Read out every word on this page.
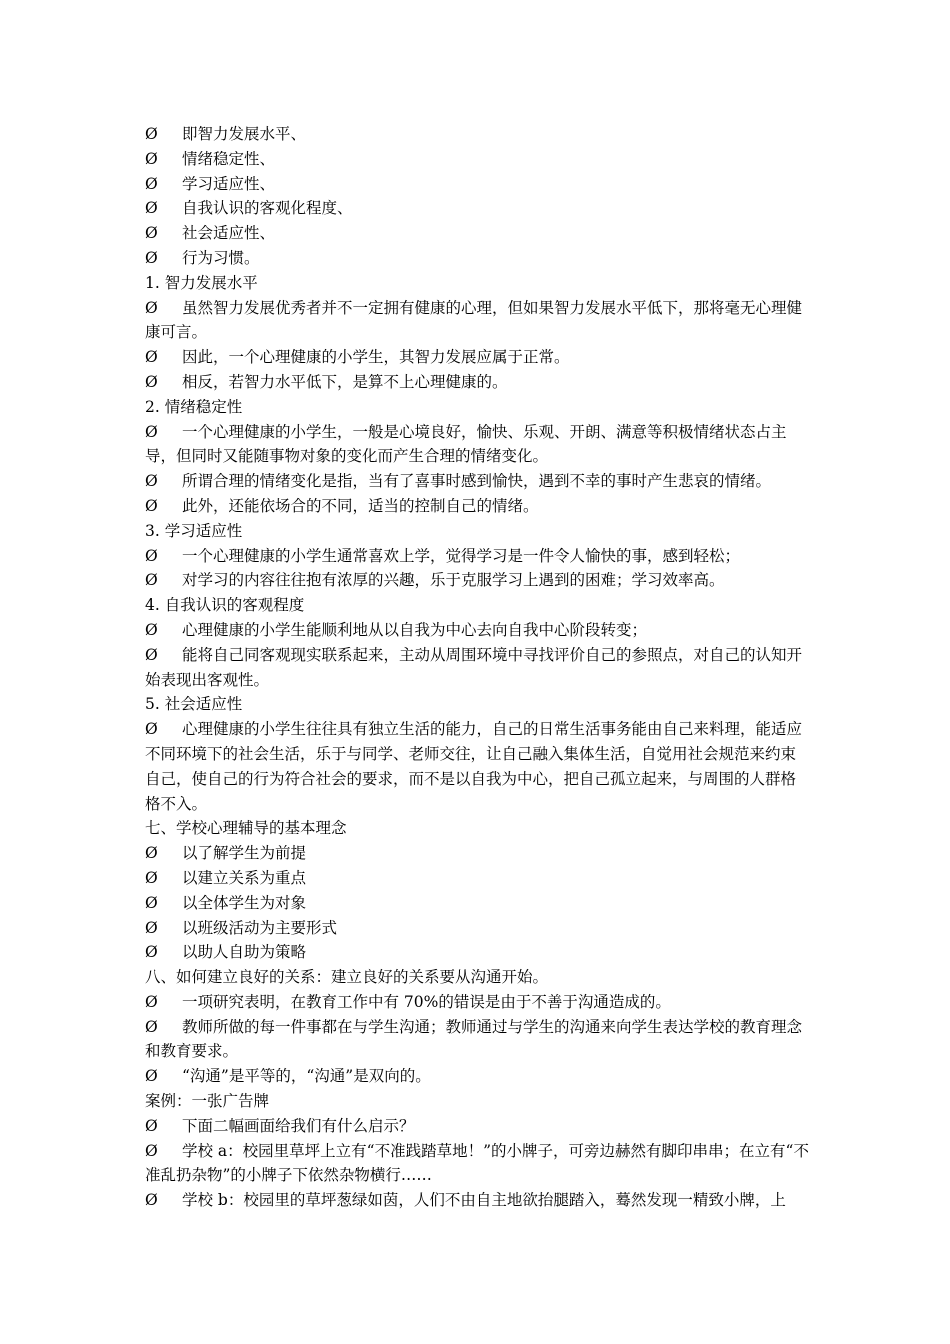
Ø 即智力发展水平、
Ø 情绪稳定性、
Ø 学习适应性、
Ø 自我认识的客观化程度、
Ø 社会适应性、
Ø 行为习惯。
1. 智力发展水平
Ø 虽然智力发展优秀者并不一定拥有健康的心理，但如果智力发展水平低下，那将毫无心理健康可言。
Ø 因此，一个心理健康的小学生，其智力发展应属于正常。
Ø 相反，若智力水平低下，是算不上心理健康的。
2. 情绪稳定性
Ø 一个心理健康的小学生，一般是心境良好，愉快、乐观、开朗、满意等积极情绪状态占主导，但同时又能随事物对象的变化而产生合理的情绪变化。
Ø 所谓合理的情绪变化是指，当有了喜事时感到愉快，遇到不幸的事时产生悲哀的情绪。
Ø 此外，还能依场合的不同，适当的控制自己的情绪。
3. 学习适应性
Ø 一个心理健康的小学生通常喜欢上学，觉得学习是一件令人愉快的事，感到轻松；
Ø 对学习的内容往往抱有浓厚的兴趣，乐于克服学习上遇到的困难；学习效率高。
4. 自我认识的客观程度
Ø 心理健康的小学生能顺利地从以自我为中心去向自我中心阶段转变；
Ø 能将自己同客观现实联系起来，主动从周围环境中寻找评价自己的参照点，对自己的认知开始表现出客观性。
5. 社会适应性
Ø 心理健康的小学生往往具有独立生活的能力，自己的日常生活事务能由自己来料理，能适应不同环境下的社会生活，乐于与同学、老师交往，让自己融入集体生活，自觉用社会规范来约束自己，使自己的行为符合社会的要求，而不是以自我为中心，把自己孤立起来，与周围的人群格格不入。
七、学校心理辅导的基本理念
Ø 以了解学生为前提
Ø 以建立关系为重点
Ø 以全体学生为对象
Ø 以班级活动为主要形式
Ø 以助人自助为策略
八、如何建立良好的关系：建立良好的关系要从沟通开始。
Ø 一项研究表明，在教育工作中有 70%的错误是由于不善于沟通造成的。
Ø 教师所做的每一件事都在与学生沟通；教师通过与学生的沟通来向学生表达学校的教育理念和教育要求。
Ø “沟通”是平等的，“沟通”是双向的。
案例：一张广告牌
Ø 下面二幅画面给我们有什么启示？
Ø 学校 a：校园里草坪上立有“不准践踏草地！”的小牌子，可旁边赫然有脚印串串；在立有“不准乱扔杂物”的小牌子下依然杂物横行……
Ø 学校 b：校园里的草坪葱绿如茵，人们不由自主地欲抬腿踏入，蓦然发现一精致小牌，上
